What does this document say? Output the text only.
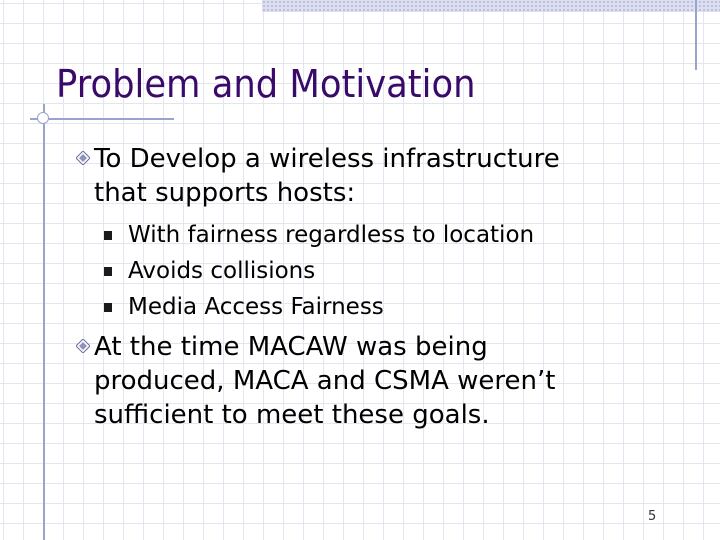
Problem and Motivation
To Develop a wireless infrastructure
that supports hosts:
With fairness regardless to location
Avoids collisions
Media Access Fairness
At the time MACAW was being
produced, MACA and CSMA weren’t
sufficient to meet these goals.
5
